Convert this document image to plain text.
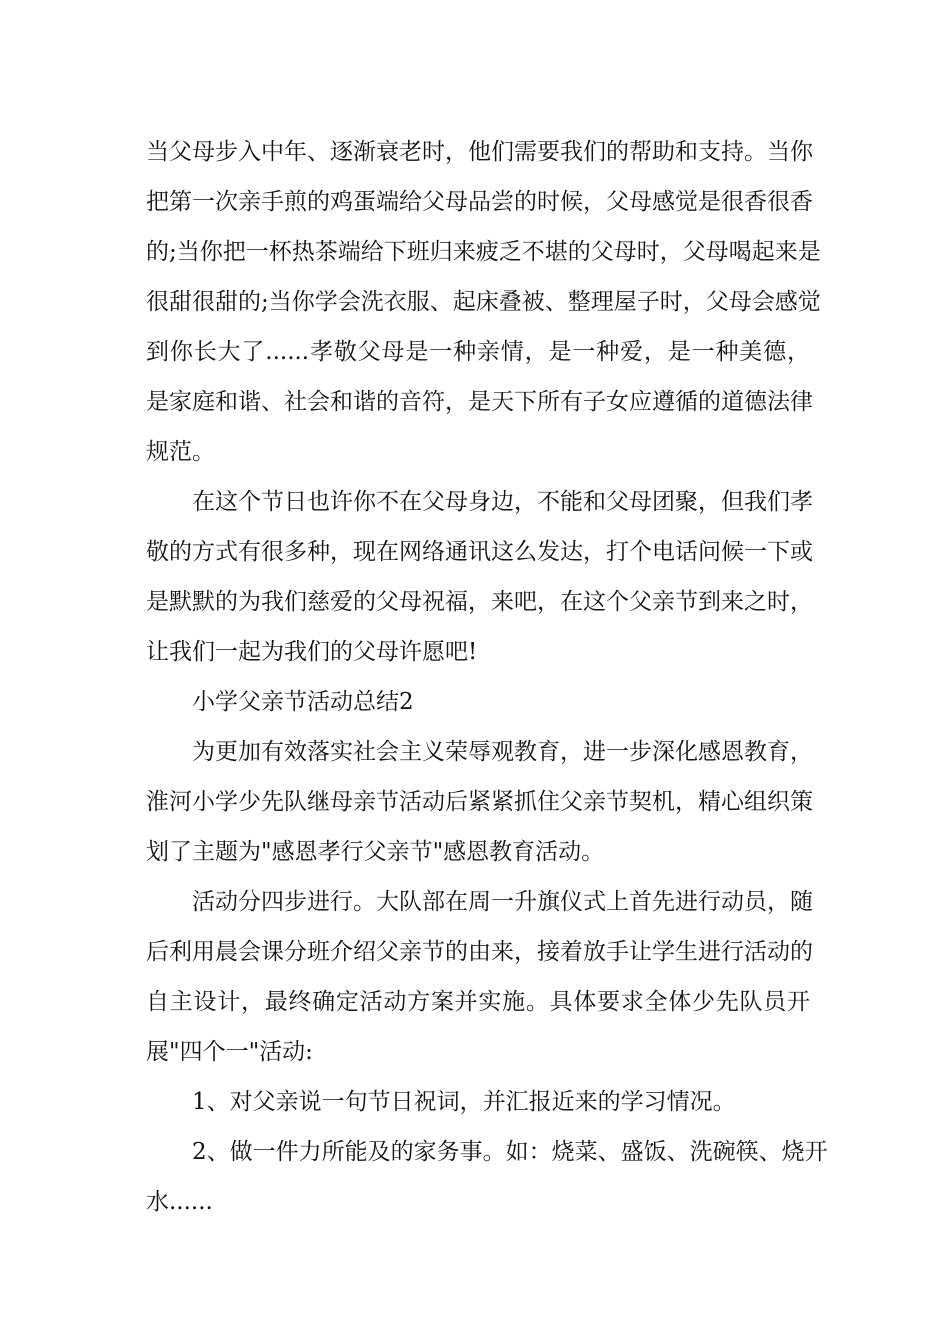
当父母步入中年、逐渐衰老时，他们需要我们的帮助和支持。当你
把第一次亲手煎的鸡蛋端给父母品尝的时候，父母感觉是很香很香
的;当你把一杯热茶端给下班归来疲乏不堪的父母时，父母喝起来是
很甜很甜的;当你学会洗衣服、起床叠被、整理屋子时，父母会感觉
到你长大了......孝敬父母是一种亲情，是一种爱，是一种美德，
是家庭和谐、社会和谐的音符，是天下所有子女应遵循的道德法律
规范。
在这个节日也许你不在父母身边，不能和父母团聚，但我们孝
敬的方式有很多种，现在网络通讯这么发达，打个电话问候一下或
是默默的为我们慈爱的父母祝福，来吧，在这个父亲节到来之时，
让我们一起为我们的父母许愿吧!
小学父亲节活动总结2
为更加有效落实社会主义荣辱观教育，进一步深化感恩教育，
淮河小学少先队继母亲节活动后紧紧抓住父亲节契机，精心组织策
划了主题为"感恩孝行父亲节"感恩教育活动。
活动分四步进行。大队部在周一升旗仪式上首先进行动员，随
后利用晨会课分班介绍父亲节的由来，接着放手让学生进行活动的
自主设计，最终确定活动方案并实施。具体要求全体少先队员开
展"四个一"活动:
1、对父亲说一句节日祝词，并汇报近来的学习情况。
2、做一件力所能及的家务事。如：烧菜、盛饭、洗碗筷、烧开
水......
